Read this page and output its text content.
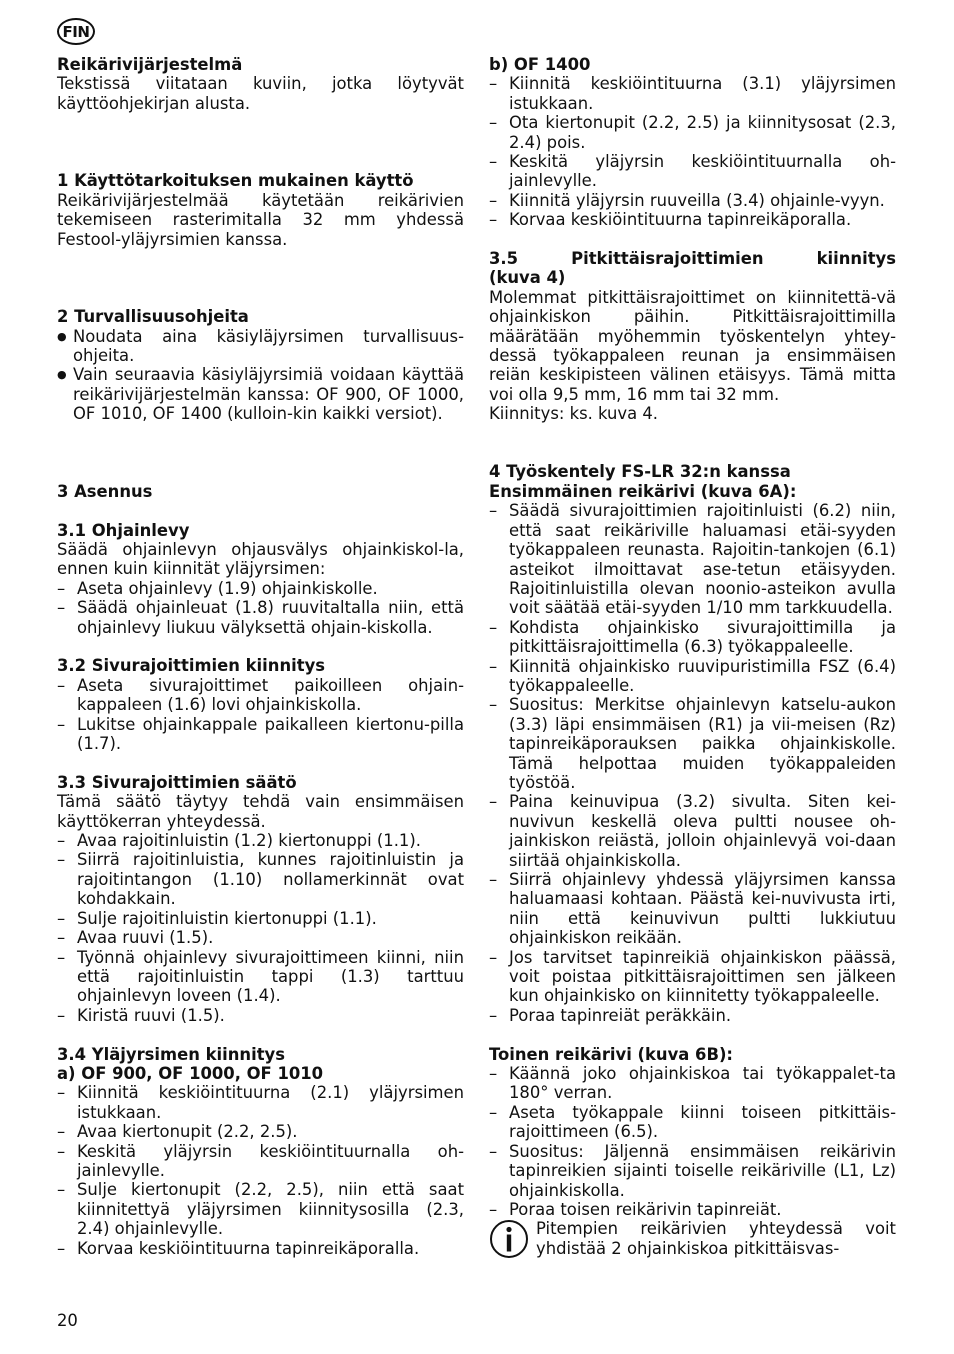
FIN

Reikärivijärjestelmä

Tekstissä viitataan kuviin, jotka löytyvät käyttöohjekirjan alusta.

1 Käyttötarkoituksen mukainen käyttö

Reikärivijärjestelmää käytetään reikärivien tekemiseen rasterimitalla 32 mm yhdessä Festool-yläjyrsimien kanssa.

2 Turvallisuusohjeita

● Noudata aina käsiyläjyrsimen turvallisuus-ohjeita.
● Vain seuraavia käsiyläjyrsimiä voidaan käyttää reikärivijärjestelmän kanssa: OF 900, OF 1000, OF 1010, OF 1400 (kulloin-kin kaikki versiot).

3 Asennus

3.1 Ohjainlevy

Säädä ohjainlevyn ohjausvälys ohjainkiskol-la, ennen kuin kiinnität yläjyrsimen:

– Aseta ohjainlevy (1.9) ohjainkiskolle.
– Säädä ohjainleuat (1.8) ruuvitaltalla niin, että ohjainlevy liukuu välyksettä ohjain-kiskolla.

3.2 Sivurajoittimien kiinnitys

– Aseta sivurajoittimet paikoilleen ohjain-kappaleen (1.6) lovi ohjainkiskolla.
– Lukitse ohjainkappale paikalleen kiertonu-pilla (1.7).

3.3 Sivurajoittimien säätö

Tämä säätö täytyy tehdä vain ensimmäisen käyttökerran yhteydessä.

– Avaa rajoitinluistin (1.2) kiertonuppi (1.1).
– Siirrä rajoitinluistia, kunnes rajoitinluistin ja rajoitintangon (1.10) nollamerkinnät ovat kohdakkain.
– Sulje rajoitinluistin kiertonuppi (1.1).
– Avaa ruuvi (1.5).
– Työnnä ohjainlevy sivurajoittimeen kiinni, niin että rajoitinluistin tappi (1.3) tarttuu ohjainlevyn loveen (1.4).
– Kiristä ruuvi (1.5).

3.4 Yläjyrsimen kiinnitys

a) OF 900, OF 1000, OF 1010

– Kiinnitä keskiöintituurna (2.1) yläjyrsimen istukkaan.
– Avaa kiertonupit (2.2, 2.5).
– Keskitä yläjyrsin keskiöintituurnalla oh-jainlevylle.
– Sulje kiertonupit (2.2, 2.5), niin että saat kiinnitettyä yläjyrsimen kiinnitysosilla (2.3, 2.4) ohjainlevylle.
– Korvaa keskiöintituurna tapinreikäporalla.

b) OF 1400

– Kiinnitä keskiöintituurna (3.1) yläjyrsimen istukkaan.
– Ota kiertonupit (2.2, 2.5) ja kiinnitysosat (2.3, 2.4) pois.
– Keskitä yläjyrsin keskiöintituurnalla oh-jainlevylle.
– Kiinnitä yläjyrsin ruuveilla (3.4) ohjainle-vyyn.
– Korvaa keskiöintituurna tapinreikäporalla.

3.5 Pitkittäisrajoittimien kiinnitys

(kuva 4)

Molemmat pitkittäisrajoittimet on kiinnitettä-vä ohjainkiskon päihin. Pitkittäisrajoittimilla määrätään myöhemmin työskentelyn yhtey-dessä työkappaleen reunan ja ensimmäisen reiän keskipisteen välinen etäisyys. Tämä mitta voi olla 9,5 mm, 16 mm tai 32 mm.

Kiinnitys: ks. kuva 4.

4 Työskentely FS-LR 32:n kanssa

Ensimmäinen reikärivi (kuva 6A):

– Säädä sivurajoittimien rajoitinluisti (6.2) niin, että saat reikäriville haluamasi etäi-syyden työkappaleen reunasta. Rajoitin-tankojen (6.1) asteikot ilmoittavat ase-tetun etäisyyden. Rajoitinluistilla olevan noonio-asteikon avulla voit säätää etäi-syyden 1/10 mm tarkkuudella.
– Kohdista ohjainkisko sivurajoittimilla ja pitkittäisrajoittimella (6.3) työkappaleelle.
– Kiinnitä ohjainkisko ruuvipuristimilla FSZ (6.4) työkappaleelle.
– Suositus: Merkitse ohjainlevyn katselu-aukon (3.3) läpi ensimmäisen (R1) ja vii-meisen (Rz) tapinreikäporauksen paikka ohjainkiskolle. Tämä helpottaa muiden työkappaleiden työstöä.
– Paina keinuvipua (3.2) sivulta. Siten kei-nuvivun keskellä oleva pultti nousee oh-jainkiskon reiästä, jolloin ohjainlevyä voi-daan siirtää ohjainkiskolla.
– Siirrä ohjainlevy yhdessä yläjyrsimen kanssa haluamaasi kohtaan. Päästä kei-nuvivusta irti, niin että keinuvivun pultti lukkiutuu ohjainkiskon reikään.
– Jos tarvitset tapinreikiä ohjainkiskon päässä, voit poistaa pitkittäisrajoittimen sen jälkeen kun ohjainkisko on kiinnitetty työkappaleelle.
– Poraa tapinreiät peräkkäin.

Toinen reikärivi (kuva 6B):

– Käännä joko ohjainkiskoa tai työkappalet-ta 180° verran.
– Aseta työkappale kiinni toiseen pitkittäis-rajoittimeen (6.5).
– Suositus: Jäljennä ensimmäisen reikärivin tapinreikien sijainti toiselle reikäriville (L1, Lz) ohjainkiskolla.
– Poraa toisen reikärivin tapinreiät.

Pitempien reikärivien yhteydessä voit yhdistää 2 ohjainkiskoa pitkittäisvas-

20
